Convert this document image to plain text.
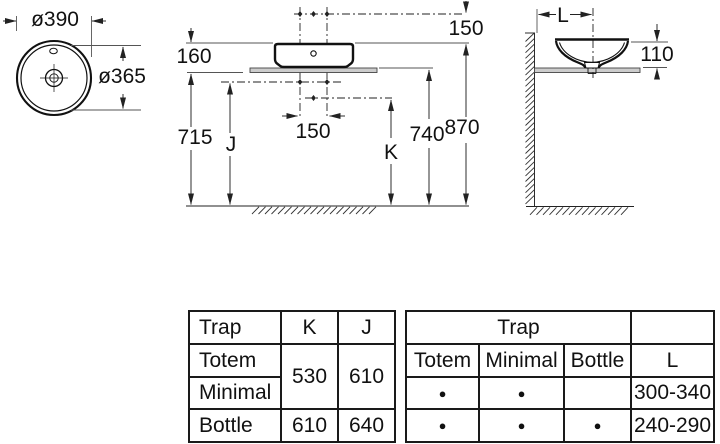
ø390
ø365
160
715 J
150
K
740
150
870
L
110
Trap	K	J
Totem	530	610
Minimal		
Bottle	610	640
Trap			
Totem	Minimal	Bottle	L
●	●		300-340
●	●	●	240-290
